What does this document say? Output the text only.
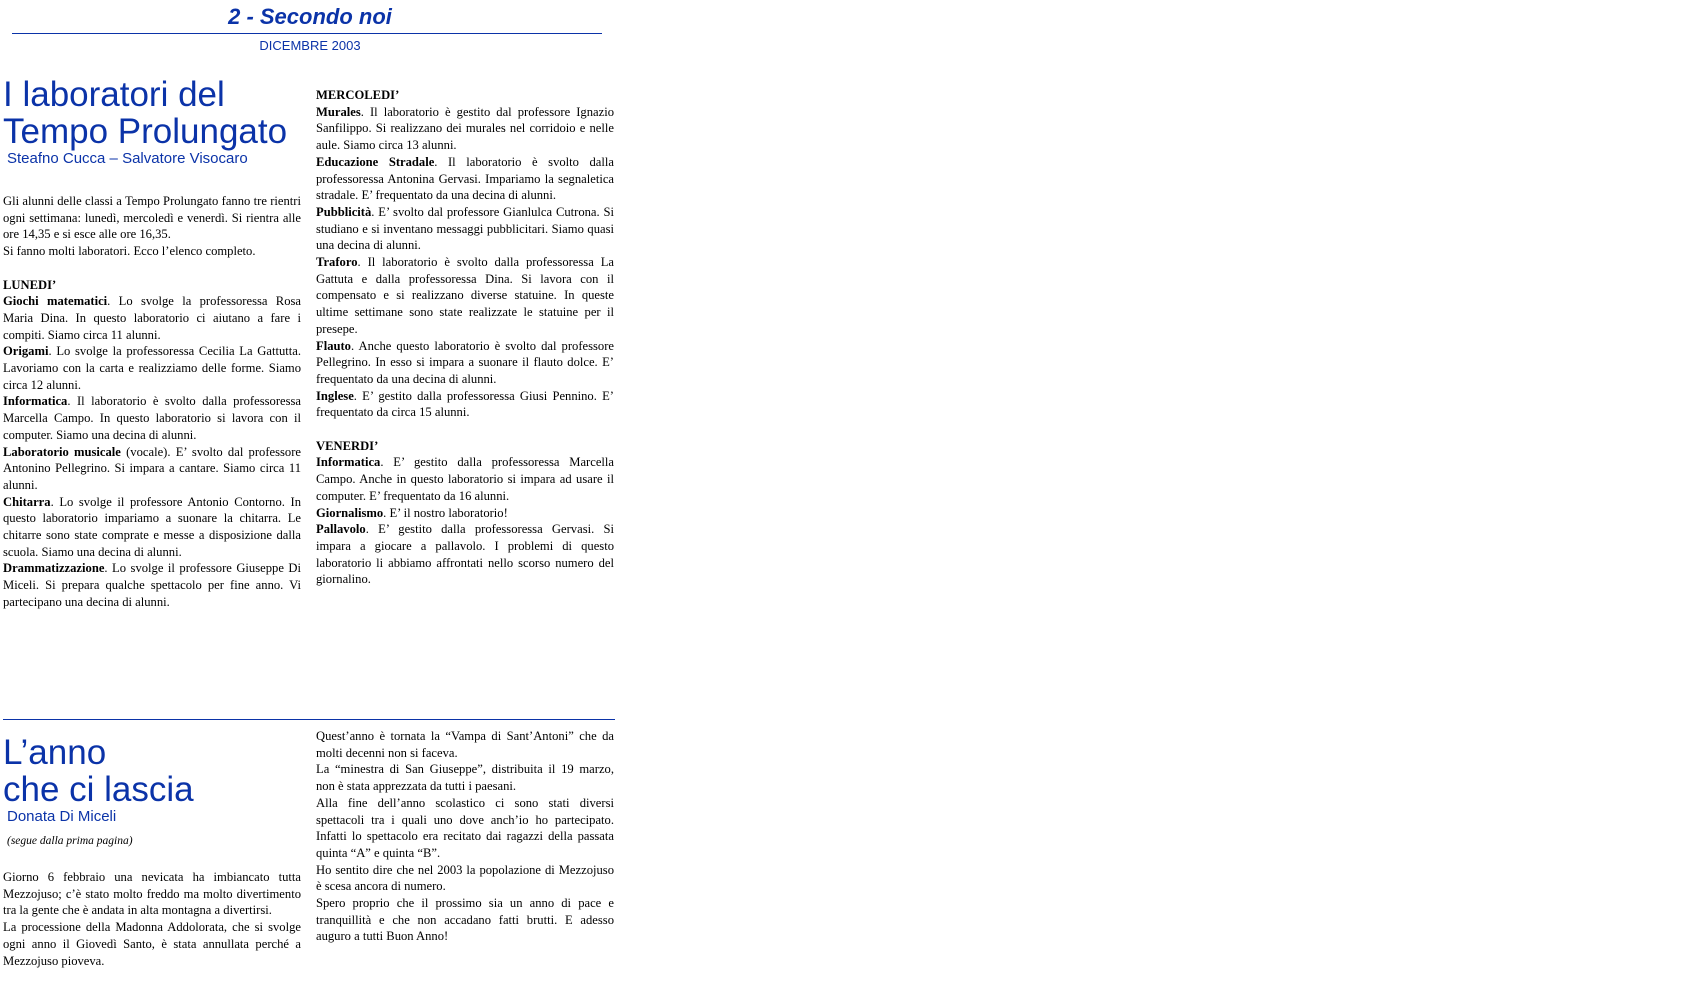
2 - Secondo noi
DICEMBRE 2003
I laboratori del
Tempo Prolungato
Steafno Cucca – Salvatore Visocaro

Gli alunni delle classi a Tempo Prolungato fanno tre rientri ogni settimana: lunedì, mercoledì e venerdì. Si rientra alle ore 14,35 e si esce alle ore 16,35.

Si fanno molti laboratori. Ecco l’elenco completo.

LUNEDI’

Giochi matematici. Lo svolge la professoressa Rosa Maria Dina. In questo laboratorio ci aiutano a fare i compiti. Siamo circa 11 alunni.

Origami. Lo svolge la professoressa Cecilia La Gattutta. Lavoriamo con la carta e realizziamo delle forme. Siamo circa 12 alunni.

Informatica. Il laboratorio è svolto dalla professoressa Marcella Campo. In questo laboratorio si lavora con il computer. Siamo una decina di alunni.

Laboratorio musicale (vocale). E’ svolto dal professore Antonino Pellegrino. Si impara a cantare. Siamo circa 11 alunni.

Chitarra. Lo svolge il professore Antonio Contorno. In questo laboratorio impariamo a suonare la chitarra. Le chitarre sono state comprate e messe a disposizione dalla scuola. Siamo una decina di alunni.

Drammatizzazione. Lo svolge il professore Giuseppe Di Miceli. Si prepara qualche spettacolo per fine anno. Vi partecipano una decina di alunni.

MERCOLEDI’

Murales. Il laboratorio è gestito dal professore Ignazio Sanfilippo. Si realizzano dei murales nel corridoio e nelle aule. Siamo circa 13 alunni.

Educazione Stradale. Il laboratorio è svolto dalla professoressa Antonina Gervasi. Impariamo la segnaletica stradale. E’ frequentato da una decina di alunni.

Pubblicità. E’ svolto dal professore Gianlulca Cutrona. Si studiano e si inventano messaggi pubblicitari. Siamo quasi una decina di alunni.

Traforo. Il laboratorio è svolto dalla professoressa La Gattuta e dalla professoressa Dina. Si lavora con il compensato e si realizzano diverse statuine. In queste ultime settimane sono state realizzate le statuine per il presepe.

Flauto. Anche questo laboratorio è svolto dal professore Pellegrino. In esso si impara a suonare il flauto dolce. E’ frequentato da una decina di alunni.

Inglese. E’ gestito dalla professoressa Giusi Pennino. E’ frequentato da circa 15 alunni.

VENERDI’

Informatica. E’ gestito dalla professoressa Marcella Campo. Anche in questo laboratorio si impara ad usare il computer. E’ frequentato da 16 alunni.

Giornalismo. E’ il nostro laboratorio!

Pallavolo. E’ gestito dalla professoressa Gervasi. Si impara a giocare a pallavolo. I problemi di questo laboratorio li abbiamo affrontati nello scorso numero del giornalino.

L’anno
che ci lascia
Donata Di Miceli
(segue dalla prima pagina)

Giorno 6 febbraio una nevicata ha imbiancato tutta Mezzojuso; c’è stato molto freddo ma molto divertimento tra la gente che è andata in alta montagna a divertirsi.

La processione della Madonna Addolorata, che si svolge ogni anno il Giovedì Santo, è stata annullata perché a Mezzojuso pioveva.

Quest’anno è tornata la “Vampa di Sant’Antoni” che da molti decenni non si faceva.

La “minestra di San Giuseppe”, distribuita il 19 marzo, non è stata apprezzata da tutti i paesani.

Alla fine dell’anno scolastico ci sono stati diversi spettacoli tra i quali uno dove anch’io ho partecipato. Infatti lo spettacolo era recitato dai ragazzi della passata quinta “A” e quinta “B”.

Ho sentito dire che nel 2003 la popolazione di Mezzojuso è scesa ancora di numero.

Spero proprio che il prossimo sia un anno di pace e tranquillità e che non accadano fatti brutti. E adesso auguro a tutti Buon Anno!
